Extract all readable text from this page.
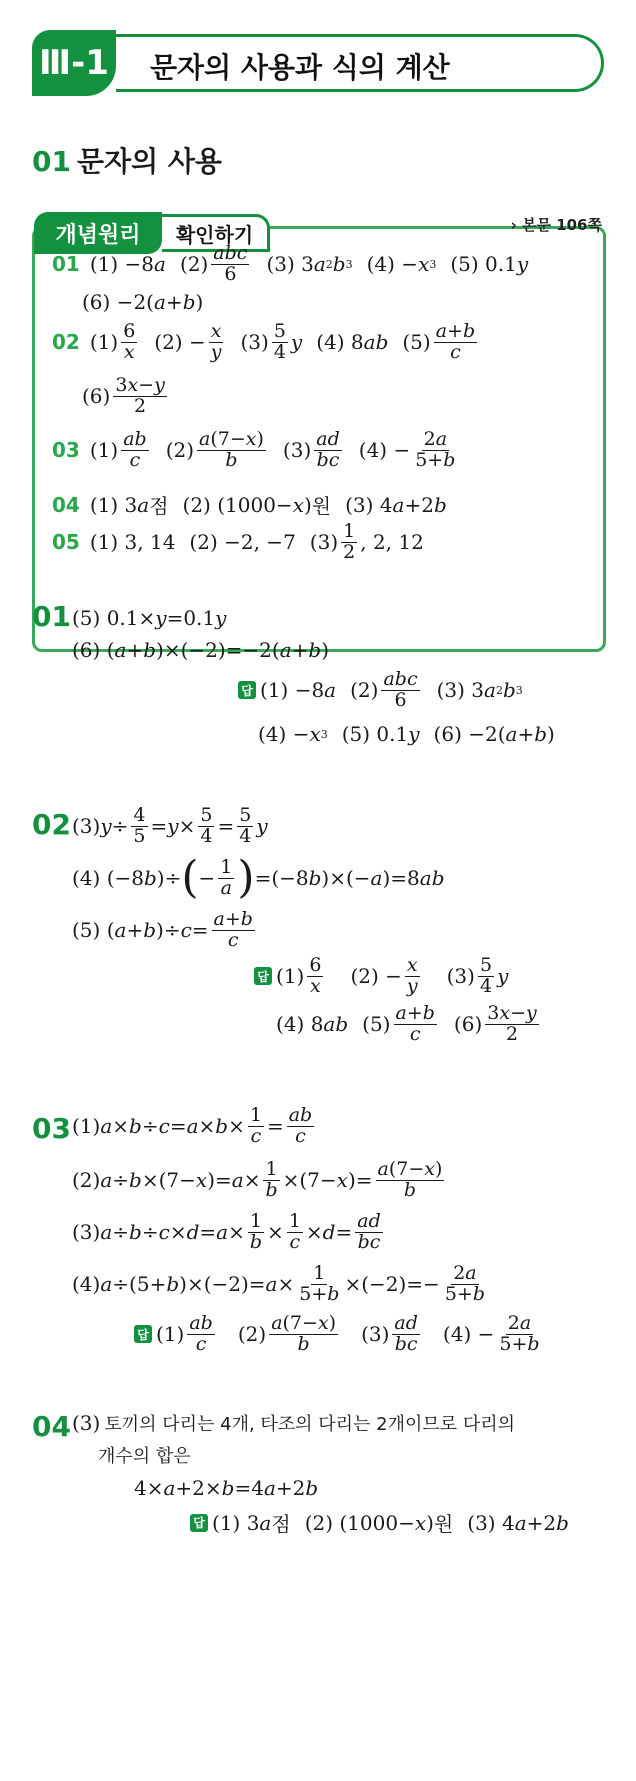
Ⅲ-1 문자의 사용과 식의 계산
01 문자의 사용
개념원리	확인하기	› 본문 106쪽
01 (1) −8 a $(2) \frac{\text{abc}}{6} (3)$ 3 a 2 b 3 (4) − x 3 (5) 0.1 y
(6) −2( a + b )
02 $(1) \frac{6}{x} (2) - \frac{x}{y} (3) \frac{5}{4}$ y (4) 8 ab $(5) \frac{a+b}{c}$
$(6) \frac{3x-y}{2}$
03 $(1) \frac{ab}{c} (2) \frac{a(7-x)}{b} (3) \frac{ad}{bc} (4) - \frac{2a}{5+b}$
04 (1) 3 a 점 (2) (1000− x ) 원 (3) 4 a +2 b
05 (1) 3, 14 (2) −2, −7 $(3) \frac{1}{2}$ , 2, 12
01 (5) 0.1× y =0.1 y
(6) ( a + b )×(−2)=−2( a + b )
답 (1) −8 a $(2) \frac{\text{abc}}{6} (3)$ 3 a 2 b 3
(4) − x 3 (5) 0.1 y (6) −2( a + b )
02 (3) $y \div \frac{4}{5} = y \times \frac{5}{4} = \frac{5}{4}$ y
(4) (−8 b )÷ ( − $\frac{1}{a}$ ) =(−8 b )×(− a )=8 ab
(5) ( a + b )÷ $c = \frac{a+b}{c}$
답 $(1) \frac{6}{x} (2) - \frac{x}{y} (3) \frac{5}{4}$ y
(4) 8 ab $(5) \frac{a+b}{c} (6) \frac{3x-y}{2}$
03 (1) $a \times b \div c = a \times b \times \frac{1}{c} = \frac{ab}{c}$
(2) a ÷ b ×(7− x )= $a \times \frac{1}{b} \times(7- x$ )= $\frac{a(7-x)}{b}$
(3) $a \div b \div c \times d = a \times \frac{1}{b} \times \frac{1}{c} \times d = \frac{ad}{bc}$
(4) a ÷(5+ b )$\times(-2)= a \times \frac{1}{5+b} \times(-2)=- \frac{2a}{5+b}$
답 $(1) \frac{ab}{c} (2) \frac{a(7-x)}{b} (3) \frac{ad}{bc} (4) - \frac{2a}{5+b}$
04 (3) 토끼의 다리는 4개, 타조의 다리는 2개이므로 다리의
개수의 합은
4× a +2× b =4 a +2 b
답 (1) 3 a 점 (2) (1000− x ) 원 (3) 4 a +2 b
